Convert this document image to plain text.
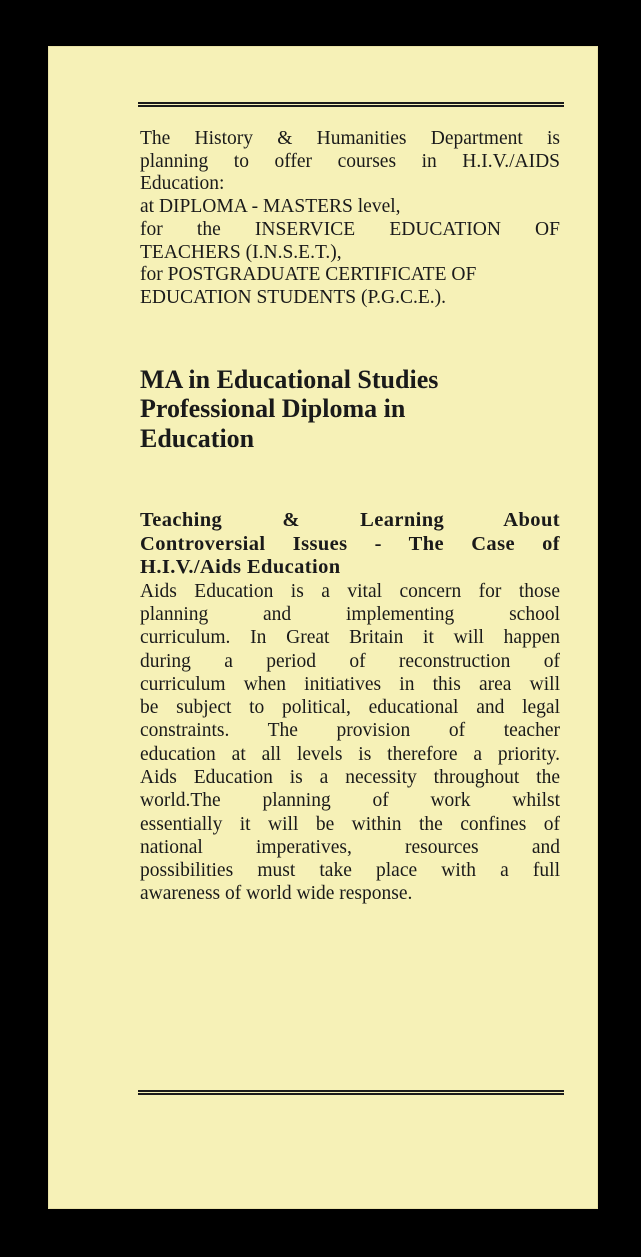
The History & Humanities Department is
planning to offer courses in H.I.V./AIDS
Education:
at DIPLOMA - MASTERS level,
for the INSERVICE EDUCATION OF
TEACHERS (I.N.S.E.T.),
for POSTGRADUATE CERTIFICATE OF
EDUCATION STUDENTS (P.G.C.E.).

MA in Educational Studies
Professional Diploma in
Education
Teaching & Learning About
Controversial Issues - The Case of
H.I.V./Aids Education

Aids Education is a vital concern for those
planning and implementing school
curriculum. In Great Britain it will happen
during a period of reconstruction of
curriculum when initiatives in this area will
be subject to political, educational and legal
constraints. The provision of teacher
education at all levels is therefore a priority.
Aids Education is a necessity throughout the
world.The planning of work whilst
essentially it will be within the confines of
national imperatives, resources and
possibilities must take place with a full
awareness of world wide response.
